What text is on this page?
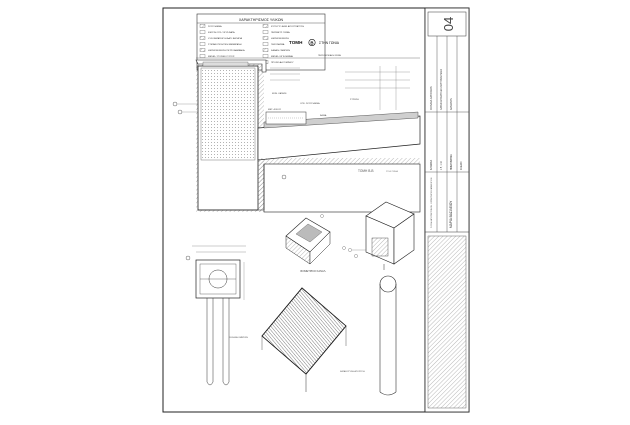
ΧΑΡΑΚΤΗΡΙΣΜΟΣ ΥΛΙΚΩΝ
ΣΚΥΡΟΔΕΜΑ
ΦΕΡΟΝ ΟΠΛ. ΣΚΥΡ./ΒΑΤΑ
ΞΥΛΟΚΑΤΑΣΚΕΥΗ ΔΑΠ. ΒΑΤΗΡΙΑ
ΣΤΕΓΑΝΟΠΟΙΗΤΙΚΗ ΜΕΜΒΡΑΝΗ
ΘΕΡΜΟΜΟΝΩΣΗ ΠΕΤΡΟΒΑΜΒΑΚΑ
ΜΕΤΑΛ. ΣΤΟΙΧΕΙΟ ΣΥΓΚΡ.
ΦΥΤΕΥΤΟ ΔΩΜ. ΑΠΟΣΤΡΑΓΓΙΣΗ
ΠΕΡΙΜΕΤΡ. ΓΩΝΙΑ
ΘΕΡΜΟΜΟΝΩΣΗ
ΓΕΩΥΦΑΣΜΑ
ΚΑΝΑΛΙ ΟΜΒΡΙΩΝ
ΜΕΤΑΛ. ΚΙΓΚΛΙΔΩΜΑ
ΠΡΟΦΙΛ ΑΛΟΥΜΙΝΙΟΥ
ΤΟΜΗ Β ΣΤΗΝ ΓΩΝΙΑ
ΠΕΡΙΦΕΡΕΙΑΚΗ ΖΩΝΗ
ΜΟΝ. ΚΑΤΑΣΚ.
ΟΠΛ. ΣΚΥΡΟΔΕΜΑ
ΔΩΜΑ
ΜΕΤ. ΔΟΚΟΣ
ΣΤΡΩΣΗ
ΤΟΜΗ Β-Β	ΣΤΗΝ ΓΩΝΙΑ
ΣΩΛΗΝΑ ΟΜΒΡΙΩΝ
ΙΣΟΜΕΤΡΙΚΟ ΚΑΝΑΛ.
ΚΑΤΑΚΟΡΥΦΗ ΑΠΟΡΡΟΗ
04
ΜΟΝΑΔΑ ΚΑΤΟΙΚΙΩΝ	ΚΑΤΑΣΚΕΥΑΣΤΙΚΕΣ ΛΕΠΤΟΜΕΡΕΙΕΣ	ΔΩΜΑΤΩΝ
ΚΛΙΜΑΚΑ	1:5, 1:10	ΗΜΕΡΟΜΗΝΙΑ	ΣΧΕΔΙΟ
ΜΑΡΙΑ ΒΑΣΙΛΕΙΟΥ
ΣΧΟΛΗ ΑΡΧΙΤΕΚΤΟΝΩΝ · ΕΡΓΑΣΤΗΡΙΟ ΚΑΤΑΣΚΕΥΩΝ
